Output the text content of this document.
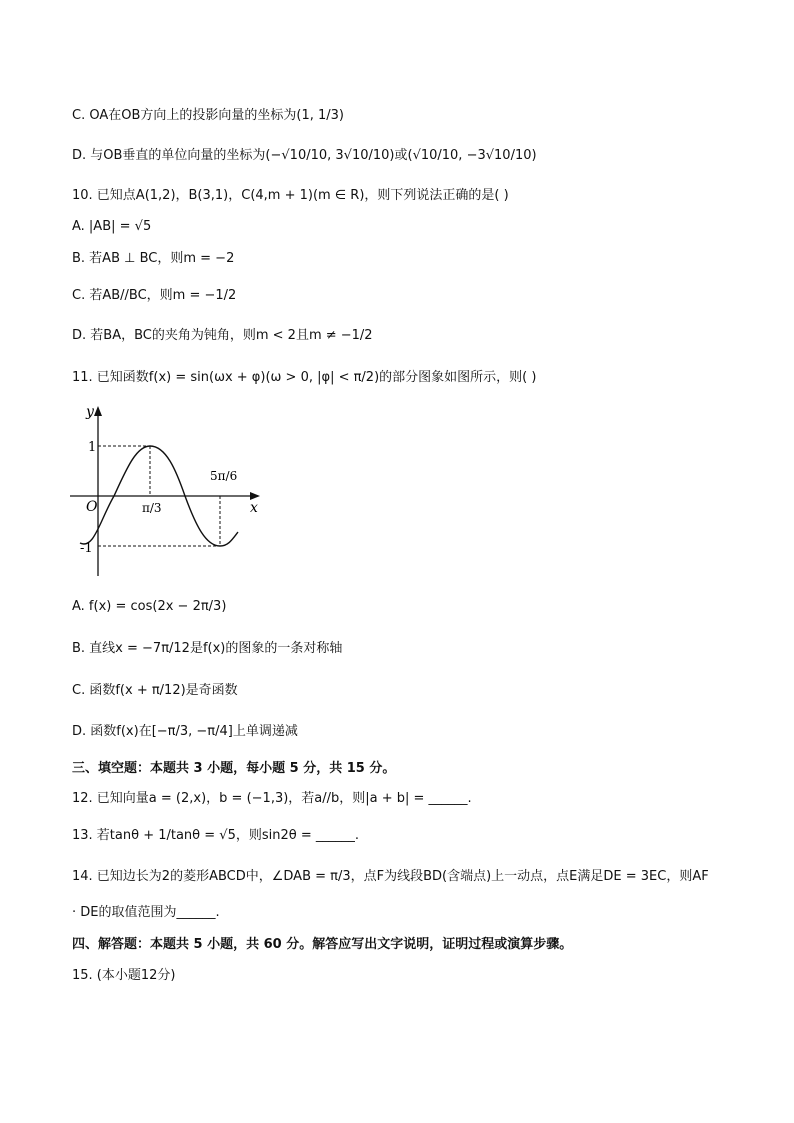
C. OA在OB方向上的投影向量的坐标为(1, 1/3)
D. 与OB垂直的单位向量的坐标为(−√10/10, 3√10/10)或(√10/10, −3√10/10)
10. 已知点A(1,2)，B(3,1)，C(4,m + 1)(m ∈ R)，则下列说法正确的是( )
A. |AB| = √5
B. 若AB ⊥ BC，则m = −2
C. 若AB//BC，则m = −1/2
D. 若BA，BC的夹角为钝角，则m < 2且m ≠ −1/2
11. 已知函数f(x) = sin(ωx + φ)(ω > 0, |φ| < π/2)的部分图象如图所示，则( )
y
x
O
1
-1
π/3
5π/6
A. f(x) = cos(2x − 2π/3)
B. 直线x = −7π/12是f(x)的图象的一条对称轴
C. 函数f(x + π/12)是奇函数
D. 函数f(x)在[−π/3, −π/4]上单调递减
三、填空题：本题共 3 小题，每小题 5 分，共 15 分。
12. 已知向量a = (2,x)，b = (−1,3)，若a//b，则|a + b| = ______.
13. 若tanθ + 1/tanθ = √5，则sin2θ = ______.
14. 已知边长为2的菱形ABCD中，∠DAB = π/3，点F为线段BD(含端点)上一动点，点E满足DE = 3EC，则AF
· DE的取值范围为______.
四、解答题：本题共 5 小题，共 60 分。解答应写出文字说明，证明过程或演算步骤。
15. (本小题12分)
